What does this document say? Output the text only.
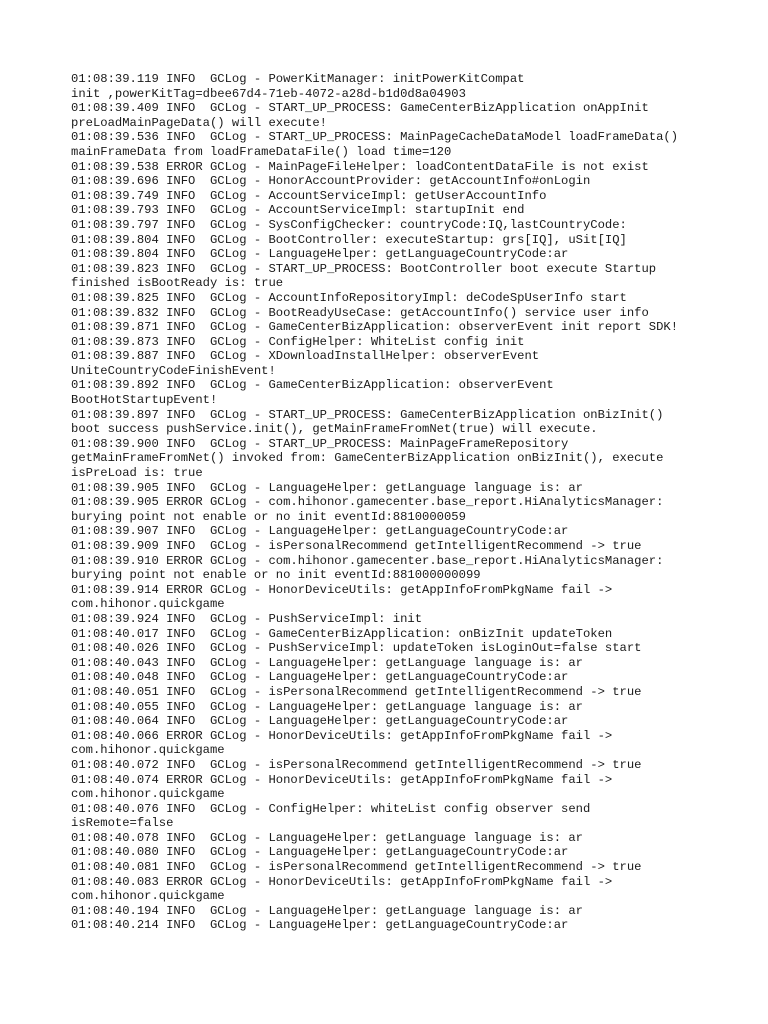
01:08:39.119 INFO  GCLog - PowerKitManager: initPowerKitCompat
init ,powerKitTag=dbee67d4-71eb-4072-a28d-b1d0d8a04903
01:08:39.409 INFO  GCLog - START_UP_PROCESS: GameCenterBizApplication onAppInit
preLoadMainPageData() will execute!
01:08:39.536 INFO  GCLog - START_UP_PROCESS: MainPageCacheDataModel loadFrameData()
mainFrameData from loadFrameDataFile() load time=120
01:08:39.538 ERROR GCLog - MainPageFileHelper: loadContentDataFile is not exist
01:08:39.696 INFO  GCLog - HonorAccountProvider: getAccountInfo#onLogin
01:08:39.749 INFO  GCLog - AccountServiceImpl: getUserAccountInfo
01:08:39.793 INFO  GCLog - AccountServiceImpl: startupInit end
01:08:39.797 INFO  GCLog - SysConfigChecker: countryCode:IQ,lastCountryCode:
01:08:39.804 INFO  GCLog - BootController: executeStartup: grs[IQ], uSit[IQ]
01:08:39.804 INFO  GCLog - LanguageHelper: getLanguageCountryCode:ar
01:08:39.823 INFO  GCLog - START_UP_PROCESS: BootController boot execute Startup
finished isBootReady is: true
01:08:39.825 INFO  GCLog - AccountInfoRepositoryImpl: deCodeSpUserInfo start
01:08:39.832 INFO  GCLog - BootReadyUseCase: getAccountInfo() service user info
01:08:39.871 INFO  GCLog - GameCenterBizApplication: observerEvent init report SDK!
01:08:39.873 INFO  GCLog - ConfigHelper: WhiteList config init
01:08:39.887 INFO  GCLog - XDownloadInstallHelper: observerEvent
UniteCountryCodeFinishEvent!
01:08:39.892 INFO  GCLog - GameCenterBizApplication: observerEvent
BootHotStartupEvent!
01:08:39.897 INFO  GCLog - START_UP_PROCESS: GameCenterBizApplication onBizInit()
boot success pushService.init(), getMainFrameFromNet(true) will execute.
01:08:39.900 INFO  GCLog - START_UP_PROCESS: MainPageFrameRepository
getMainFrameFromNet() invoked from: GameCenterBizApplication onBizInit(), execute
isPreLoad is: true
01:08:39.905 INFO  GCLog - LanguageHelper: getLanguage language is: ar
01:08:39.905 ERROR GCLog - com.hihonor.gamecenter.base_report.HiAnalyticsManager:
burying point not enable or no init eventId:8810000059
01:08:39.907 INFO  GCLog - LanguageHelper: getLanguageCountryCode:ar
01:08:39.909 INFO  GCLog - isPersonalRecommend getIntelligentRecommend -> true
01:08:39.910 ERROR GCLog - com.hihonor.gamecenter.base_report.HiAnalyticsManager:
burying point not enable or no init eventId:881000000099
01:08:39.914 ERROR GCLog - HonorDeviceUtils: getAppInfoFromPkgName fail ->
com.hihonor.quickgame
01:08:39.924 INFO  GCLog - PushServiceImpl: init
01:08:40.017 INFO  GCLog - GameCenterBizApplication: onBizInit updateToken
01:08:40.026 INFO  GCLog - PushServiceImpl: updateToken isLoginOut=false start
01:08:40.043 INFO  GCLog - LanguageHelper: getLanguage language is: ar
01:08:40.048 INFO  GCLog - LanguageHelper: getLanguageCountryCode:ar
01:08:40.051 INFO  GCLog - isPersonalRecommend getIntelligentRecommend -> true
01:08:40.055 INFO  GCLog - LanguageHelper: getLanguage language is: ar
01:08:40.064 INFO  GCLog - LanguageHelper: getLanguageCountryCode:ar
01:08:40.066 ERROR GCLog - HonorDeviceUtils: getAppInfoFromPkgName fail ->
com.hihonor.quickgame
01:08:40.072 INFO  GCLog - isPersonalRecommend getIntelligentRecommend -> true
01:08:40.074 ERROR GCLog - HonorDeviceUtils: getAppInfoFromPkgName fail ->
com.hihonor.quickgame
01:08:40.076 INFO  GCLog - ConfigHelper: whiteList config observer send
isRemote=false
01:08:40.078 INFO  GCLog - LanguageHelper: getLanguage language is: ar
01:08:40.080 INFO  GCLog - LanguageHelper: getLanguageCountryCode:ar
01:08:40.081 INFO  GCLog - isPersonalRecommend getIntelligentRecommend -> true
01:08:40.083 ERROR GCLog - HonorDeviceUtils: getAppInfoFromPkgName fail ->
com.hihonor.quickgame
01:08:40.194 INFO  GCLog - LanguageHelper: getLanguage language is: ar
01:08:40.214 INFO  GCLog - LanguageHelper: getLanguageCountryCode:ar
